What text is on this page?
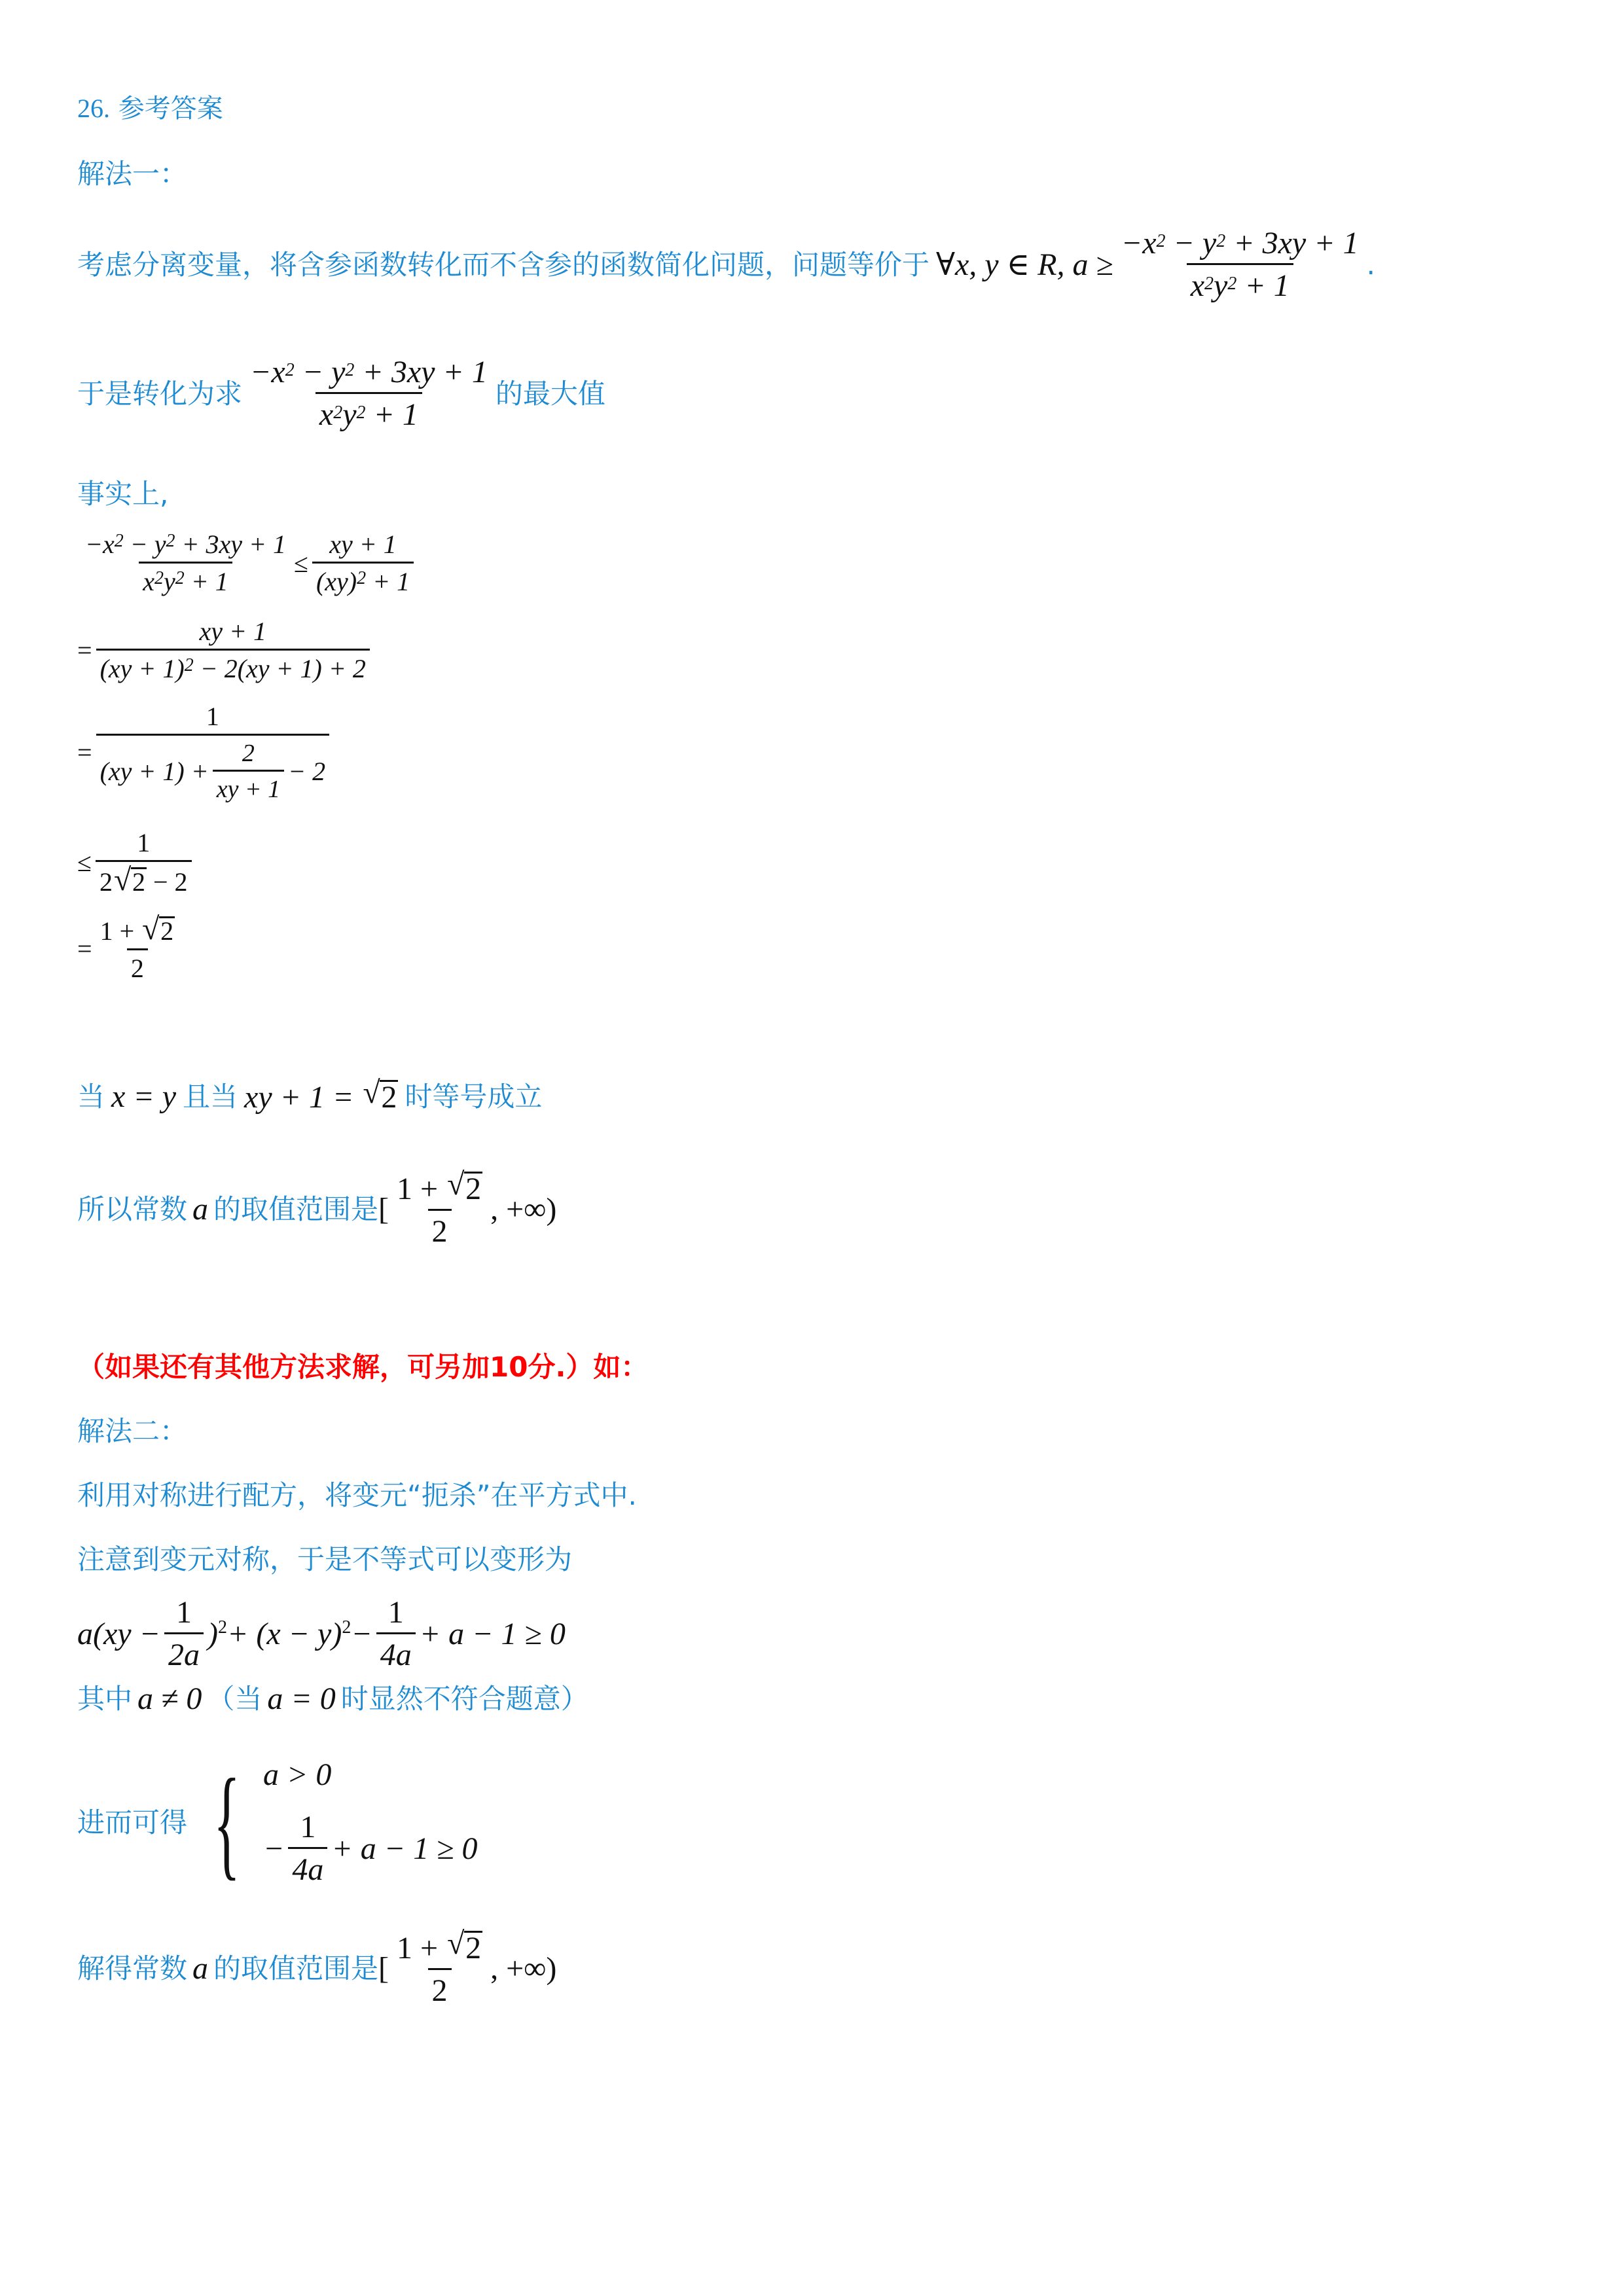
26. 参考答案
解法一：
考虑分离变量，将含参函数转化而不含参的函数简化问题，问题等价于 ∀x, y ∈ R, $a \ge \frac{-x^2 - y^2 + 3xy + 1}{x^2y^2 + 1}$ .
于是转化为求 $\frac{-x^2 - y^2 + 3xy + 1}{x^2y^2 + 1}$ 的最大值
事实上,
$\frac{-x^2 - y^2 + 3xy + 1}{x^2y^2 + 1} \le \frac{xy + 1}{(xy)^2 + 1}$
= $\frac{xy + 1}{(xy + 1)^2 - 2(xy + 1) + 2}$
= $\frac{1}{(xy + 1) + \frac{2}{xy + 1} - 2}$
≤ $\frac{1}{2√ 2 - 2}$
= $\frac{1 + √ 2}{2}$
当 x = y 且当 xy + 1 = √ 2 时等号成立
所以常数 a 的取值范围是 [ $\frac{1 + √ 2}{2}$ , +∞)
（如果还有其他方法求解，可另加10分.）如：
解法二：
利用对称进行配方，将变元“扼杀”在平方式中.
注意到变元对称，于是不等式可以变形为
$a(xy - \frac{1}{2a} )^2 + (x - y)^2 - \frac{1}{4a} + a - 1 \ge 0$
其中 a ≠ 0 （当 a = 0 时显然不符合题意）
进而可得 { a > 0
− $\frac{1}{4a} + a - 1 \ge 0$
解得常数 a 的取值范围是 [ $\frac{1 + √ 2}{2}$ , +∞)
